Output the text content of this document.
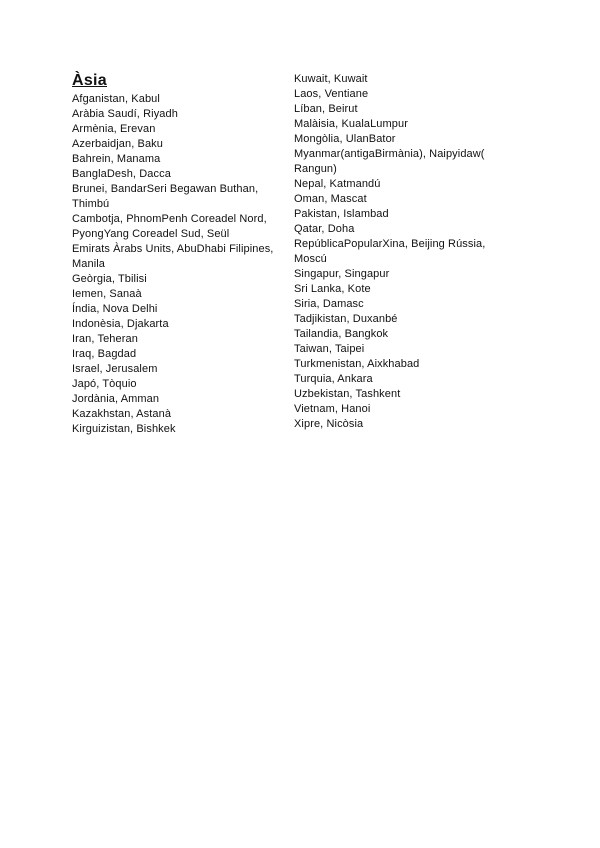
Àsia
Afganistan, Kabul
Aràbia Saudí, Riyadh
Armènia, Erevan
Azerbaidjan, Baku
Bahrein, Manama
BanglaDesh, Dacca
Brunei, BandarSeri Begawan Buthan,
Thimbú
Cambotja, PhnomPenh Coreadel Nord,
PyongYang Coreadel Sud, Seül
Emirats Àrabs Units, AbuDhabi Filipines,
Manila
Geòrgia, Tbilisi
Iemen, Sanaà
Índia, Nova Delhi
Indonèsia, Djakarta
Iran, Teheran
Iraq, Bagdad
Israel, Jerusalem
Japó, Tòquio
Jordània, Amman
Kazakhstan, Astanà
Kirguizistan, Bishkek
Kuwait, Kuwait
Laos, Ventiane
Líban, Beirut
Malàisia, KualaLumpur
Mongòlia, UlanBator
Myanmar(antigaBirmània), Naipyidaw(
Rangun)
Nepal, Katmandú
Oman, Mascat
Pakistan, Islambad
Qatar, Doha
RepúblicaPopularXina, Beijing Rússia,
Moscú
Singapur, Singapur
Sri Lanka, Kote
Siria, Damasc
Tadjikistan, Duxanbé
Tailandia, Bangkok
Taiwan, Taipei
Turkmenistan, Aixkhabad
Turquia, Ankara
Uzbekistan, Tashkent
Vietnam, Hanoi
Xipre, Nicòsia
